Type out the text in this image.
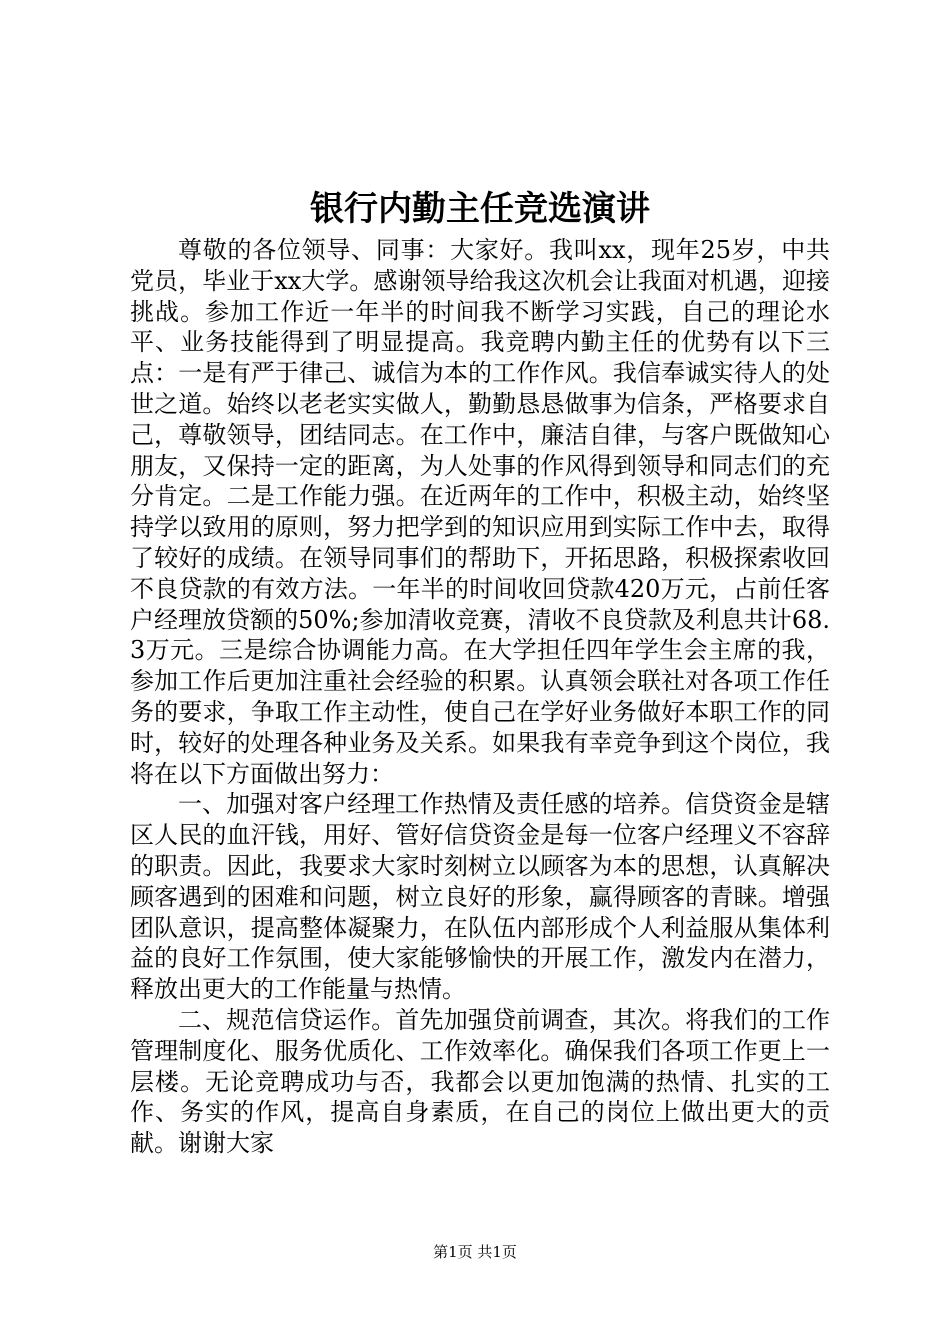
银行内勤主任竞选演讲

尊敬的各位领导、同事：大家好。我叫xx，现年25岁，中共党员，毕业于xx大学。感谢领导给我这次机会让我面对机遇，迎接挑战。参加工作近一年半的时间我不断学习实践，自己的理论水平、业务技能得到了明显提高。我竞聘内勤主任的优势有以下三点：一是有严于律己、诚信为本的工作作风。我信奉诚实待人的处世之道。始终以老老实实做人，勤勤恳恳做事为信条，严格要求自己，尊敬领导，团结同志。在工作中，廉洁自律，与客户既做知心朋友，又保持一定的距离，为人处事的作风得到领导和同志们的充分肯定。二是工作能力强。在近两年的工作中，积极主动，始终坚持学以致用的原则，努力把学到的知识应用到实际工作中去，取得了较好的成绩。在领导同事们的帮助下，开拓思路，积极探索收回不良贷款的有效方法。一年半的时间收回贷款420万元，占前任客户经理放贷额的50%;参加清收竞赛，清收不良贷款及利息共计68.3万元。三是综合协调能力高。在大学担任四年学生会主席的我，参加工作后更加注重社会经验的积累。认真领会联社对各项工作任务的要求，争取工作主动性，使自己在学好业务做好本职工作的同时，较好的处理各种业务及关系。如果我有幸竞争到这个岗位，我将在以下方面做出努力：

一、加强对客户经理工作热情及责任感的培养。信贷资金是辖区人民的血汗钱，用好、管好信贷资金是每一位客户经理义不容辞的职责。因此，我要求大家时刻树立以顾客为本的思想，认真解决顾客遇到的困难和问题，树立良好的形象，赢得顾客的青睐。增强团队意识，提高整体凝聚力，在队伍内部形成个人利益服从集体利益的良好工作氛围，使大家能够愉快的开展工作，激发内在潜力，释放出更大的工作能量与热情。

二、规范信贷运作。首先加强贷前调查，其次。将我们的工作管理制度化、服务优质化、工作效率化。确保我们各项工作更上一层楼。无论竞聘成功与否，我都会以更加饱满的热情、扎实的工作、务实的作风，提高自身素质，在自己的岗位上做出更大的贡献。谢谢大家

第1页 共1页
